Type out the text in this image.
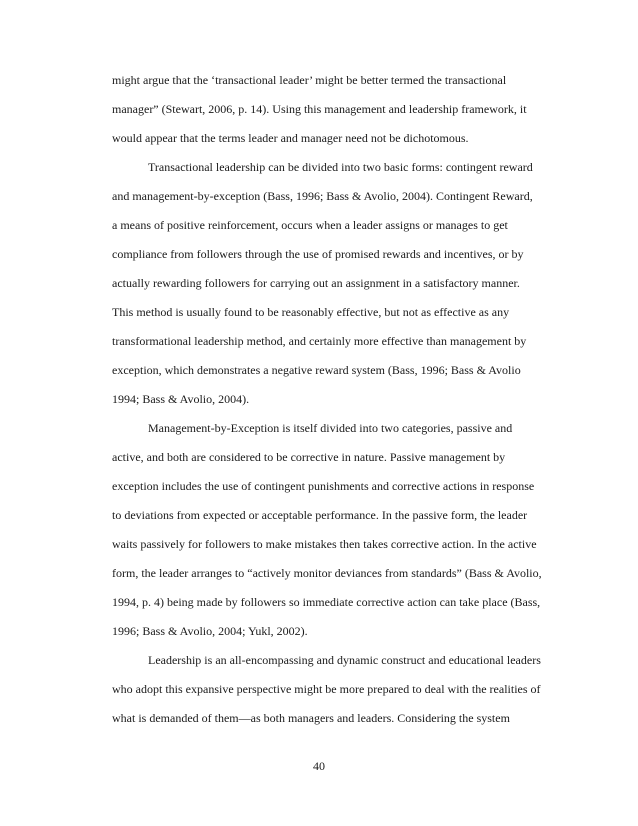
might argue that the ‘transactional leader’ might be better termed the transactional

manager” (Stewart, 2006, p. 14). Using this management and leadership framework, it

would appear that the terms leader and manager need not be dichotomous.

Transactional leadership can be divided into two basic forms: contingent reward

and management-by-exception (Bass, 1996; Bass & Avolio, 2004). Contingent Reward,

a means of positive reinforcement, occurs when a leader assigns or manages to get

compliance from followers through the use of promised rewards and incentives, or by

actually rewarding followers for carrying out an assignment in a satisfactory manner.

This method is usually found to be reasonably effective, but not as effective as any

transformational leadership method, and certainly more effective than management by

exception, which demonstrates a negative reward system (Bass, 1996; Bass & Avolio

1994; Bass & Avolio, 2004).

Management-by-Exception is itself divided into two categories, passive and

active, and both are considered to be corrective in nature. Passive management by

exception includes the use of contingent punishments and corrective actions in response

to deviations from expected or acceptable performance. In the passive form, the leader

waits passively for followers to make mistakes then takes corrective action. In the active

form, the leader arranges to “actively monitor deviances from standards” (Bass & Avolio,

1994, p. 4) being made by followers so immediate corrective action can take place (Bass,

1996; Bass & Avolio, 2004; Yukl, 2002).

Leadership is an all-encompassing and dynamic construct and educational leaders

who adopt this expansive perspective might be more prepared to deal with the realities of

what is demanded of them—as both managers and leaders. Considering the system

40
